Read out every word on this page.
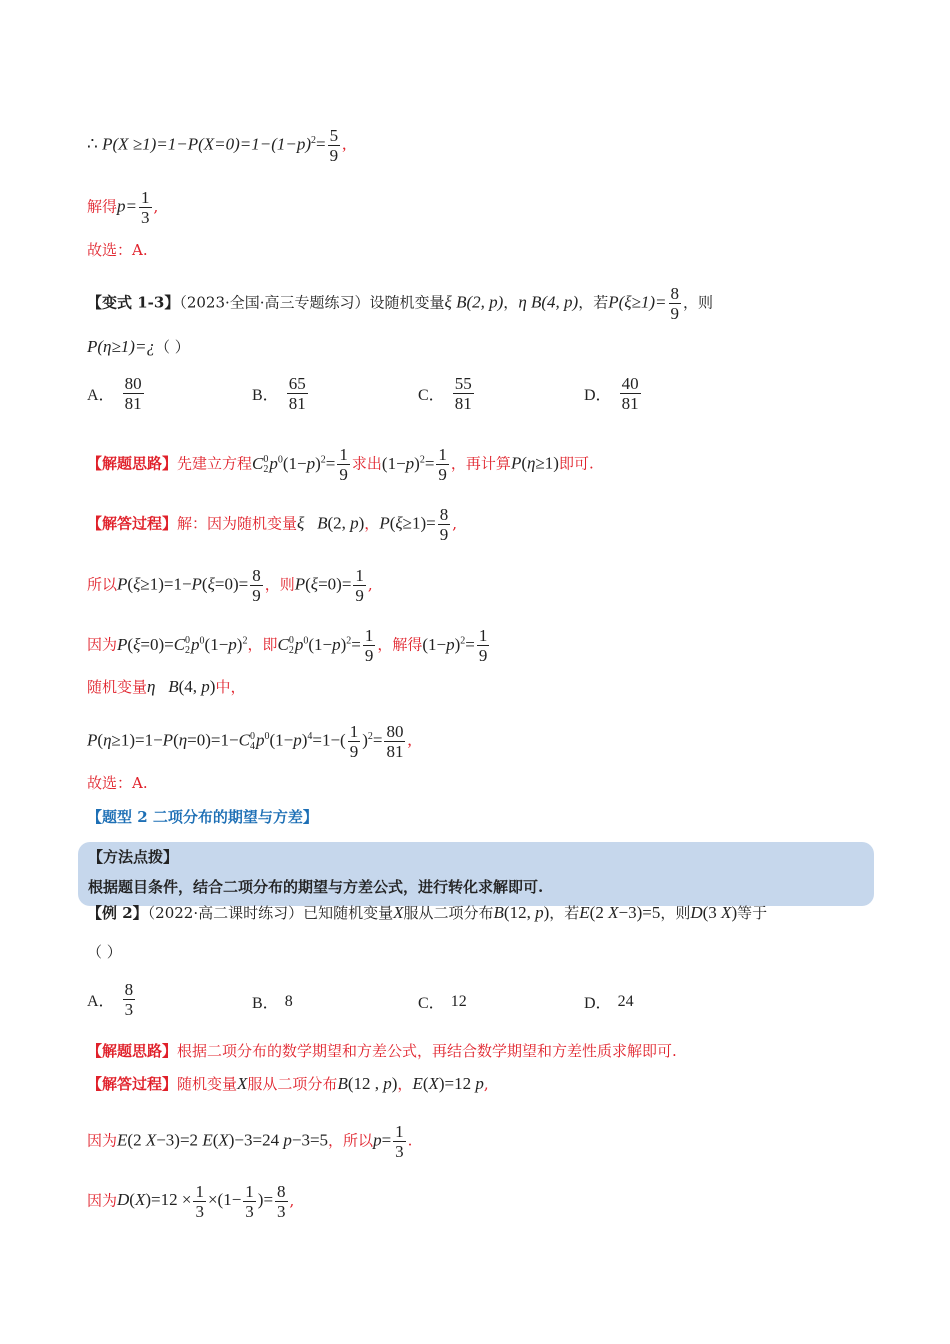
∴ $P(X \ge 1)=1-P(X=0)=1-(1-p)^2= \frac{5}{9}$ ,
解得$p= \frac{1}{3}$ ,
故选：A.
【变式 1-3】（2023·全国·高三专题练习）设随机变量ξ B(2, p)，η B(4, p)，若$P(\xi\ge 1)= \frac{8}{9}$ ，则
P(η≥1)=¿（ ）
A． $\frac{80}{81}$	B． $\frac{65}{81}$	C． $\frac{55}{81}$	D． $\frac{40}{81}$
【解题思路】先建立方程C 0
2 $p^0(1-p)^2= \frac{1}{9}$ 求出$(1-p)^2= \frac{1}{9}$ ，再计算P(η≥1)即可.
【解答过程】解：因为随机变量ξ B(2, p)，$P(\xi\ge 1)= \frac{8}{9}$ ,
所以$P(\xi\ge 1)=1-P(\xi=0)= \frac{8}{9}$ ，则$P(\xi=0)= \frac{1}{9}$ ,
因为P(ξ=0)=C 0
2 $p^0(1-p)^2$，即C 0
2 $p^0(1-p)^2= \frac{1}{9}$ ，解得$(1-p)^2= \frac{1}{9}$
随机变量η B(4, p)中，
P(η≥1)=1−P(η=0)=1−C 0
4 $p^0(1-p)^4=1-( \frac{1}{9} )^2= \frac{80}{81}$ ,
故选：A.
【题型 2 二项分布的期望与方差】
【方法点拨】
根据题目条件，结合二项分布的期望与方差公式，进行转化求解即可.
【例 2】（2022·高二课时练习）已知随机变量X服从二项分布B(12, p)，若E(2 X−3)=5，则D(3 X)等于
（ ）
A． $\frac{8}{3}$	B． 8	C． 12	D． 24
【解题思路】根据二项分布的数学期望和方差公式，再结合数学期望和方差性质求解即可.
【解答过程】随机变量X服从二项分布B(12 , p)，E(X)=12 p,
因为E(2 X−3)=2 E(X)−3=24 p−3=5，所以$p= \frac{1}{3}$ .
因为$D(X)=12 \times \frac{1}{3} \times(1- \frac{1}{3}$ )= $\frac{8}{3}$ ,
